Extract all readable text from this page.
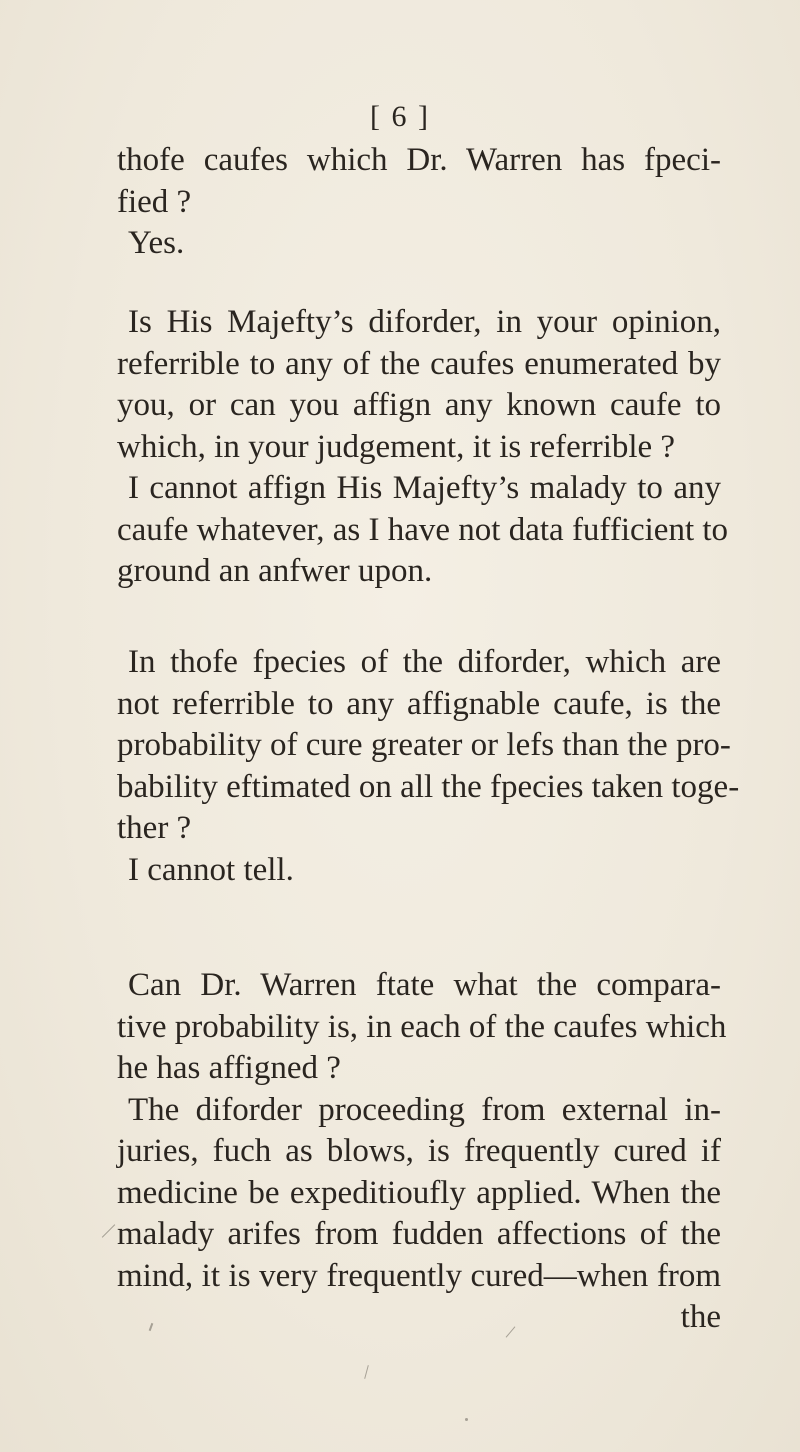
[ 6 ]
thofe caufes which Dr. Warren has fpeci-
fied ?
Yes.
Is His Majefty’s diforder, in your opinion,
referrible to any of the caufes enumerated by
you, or can you affign any known caufe to
which, in your judgement, it is referrible ?
I cannot affign His Majefty’s malady to any
caufe whatever, as I have not data fufficient to
ground an anfwer upon.
In thofe fpecies of the diforder, which are
not referrible to any affignable caufe, is the
probability of cure greater or lefs than the pro-
bability eftimated on all the fpecies taken toge-
ther ?
I cannot tell.
Can Dr. Warren ftate what the compara-
tive probability is, in each of the caufes which
he has affigned ?
The diforder proceeding from external in-
juries, fuch as blows, is frequently cured if
medicine be expeditioufly applied. When the
malady arifes from fudden affections of the
mind, it is very frequently cured—when from
the
